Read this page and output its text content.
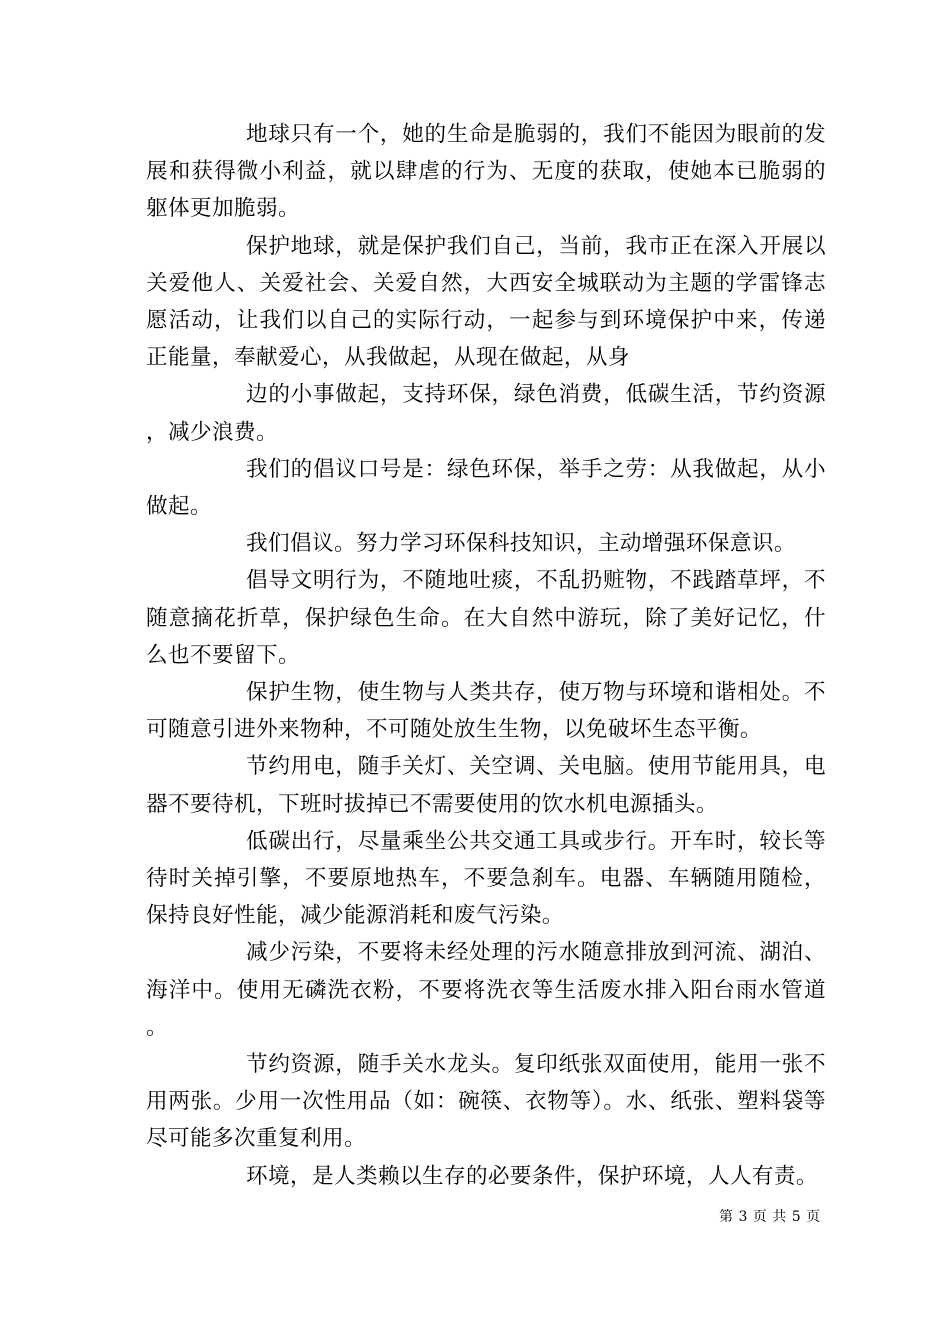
地球只有一个，她的生命是脆弱的，我们不能因为眼前的发展和获得微小利益，就以肆虐的行为、无度的获取，使她本已脆弱的躯体更加脆弱。

保护地球，就是保护我们自己，当前，我市正在深入开展以关爱他人、关爱社会、关爱自然，大西安全城联动为主题的学雷锋志愿活动，让我们以自己的实际行动，一起参与到环境保护中来，传递正能量，奉献爱心，从我做起，从现在做起，从身

边的小事做起，支持环保，绿色消费，低碳生活，节约资源，减少浪费。

我们的倡议口号是：绿色环保，举手之劳：从我做起，从小做起。

我们倡议。努力学习环保科技知识，主动增强环保意识。

倡导文明行为，不随地吐痰，不乱扔赃物，不践踏草坪，不随意摘花折草，保护绿色生命。在大自然中游玩，除了美好记忆，什么也不要留下。

保护生物，使生物与人类共存，使万物与环境和谐相处。不可随意引进外来物种，不可随处放生生物，以免破坏生态平衡。

节约用电，随手关灯、关空调、关电脑。使用节能用具，电器不要待机，下班时拔掉已不需要使用的饮水机电源插头。

低碳出行，尽量乘坐公共交通工具或步行。开车时，较长等待时关掉引擎，不要原地热车，不要急刹车。电器、车辆随用随检，保持良好性能，减少能源消耗和废气污染。

减少污染，不要将未经处理的污水随意排放到河流、湖泊、海洋中。使用无磷洗衣粉，不要将洗衣等生活废水排入阳台雨水管道。

节约资源，随手关水龙头。复印纸张双面使用，能用一张不用两张。少用一次性用品（如：碗筷、衣物等）。水、纸张、塑料袋等尽可能多次重复利用。

环境，是人类赖以生存的必要条件，保护环境，人人有责。

第 3 页 共 5 页
